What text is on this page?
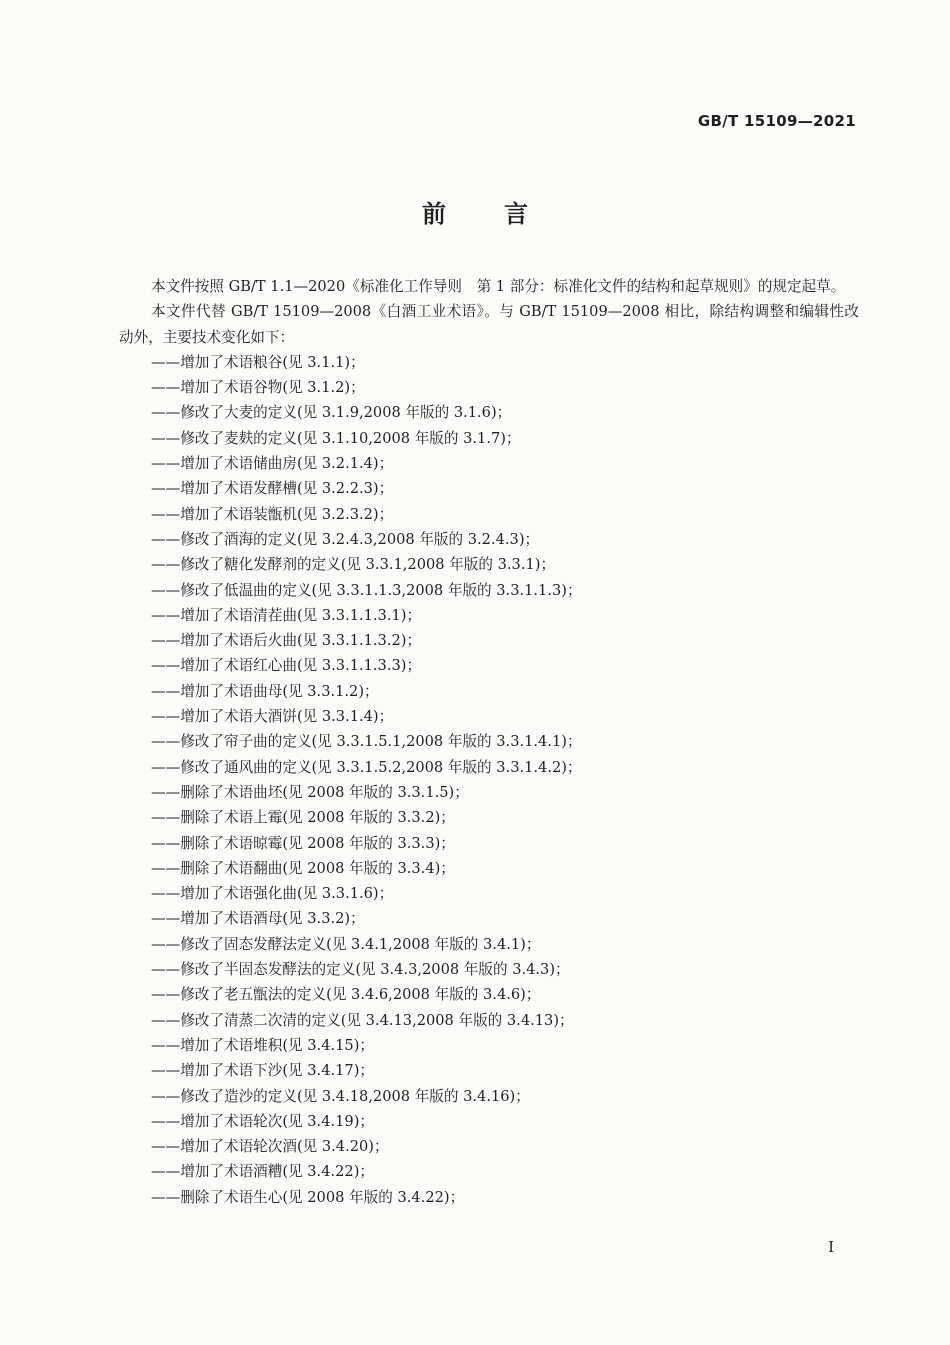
GB/T 15109—2021
前言
本文件按照 GB/T 1.1—2020《标准化工作导则　第 1 部分：标准化文件的结构和起草规则》的规定起草。
本文件代替 GB/T 15109—2008《白酒工业术语》。与 GB/T 15109—2008 相比，除结构调整和编辑性改动外，主要技术变化如下：
——增加了术语粮谷(见 3.1.1)；
——增加了术语谷物(见 3.1.2)；
——修改了大麦的定义(见 3.1.9,2008 年版的 3.1.6)；
——修改了麦麸的定义(见 3.1.10,2008 年版的 3.1.7)；
——增加了术语储曲房(见 3.2.1.4)；
——增加了术语发酵槽(见 3.2.2.3)；
——增加了术语装甑机(见 3.2.3.2)；
——修改了酒海的定义(见 3.2.4.3,2008 年版的 3.2.4.3)；
——修改了糖化发酵剂的定义(见 3.3.1,2008 年版的 3.3.1)；
——修改了低温曲的定义(见 3.3.1.1.3,2008 年版的 3.3.1.1.3)；
——增加了术语清茬曲(见 3.3.1.1.3.1)；
——增加了术语后火曲(见 3.3.1.1.3.2)；
——增加了术语红心曲(见 3.3.1.1.3.3)；
——增加了术语曲母(见 3.3.1.2)；
——增加了术语大酒饼(见 3.3.1.4)；
——修改了帘子曲的定义(见 3.3.1.5.1,2008 年版的 3.3.1.4.1)；
——修改了通风曲的定义(见 3.3.1.5.2,2008 年版的 3.3.1.4.2)；
——删除了术语曲坯(见 2008 年版的 3.3.1.5)；
——删除了术语上霉(见 2008 年版的 3.3.2)；
——删除了术语晾霉(见 2008 年版的 3.3.3)；
——删除了术语翻曲(见 2008 年版的 3.3.4)；
——增加了术语强化曲(见 3.3.1.6)；
——增加了术语酒母(见 3.3.2)；
——修改了固态发酵法定义(见 3.4.1,2008 年版的 3.4.1)；
——修改了半固态发酵法的定义(见 3.4.3,2008 年版的 3.4.3)；
——修改了老五甑法的定义(见 3.4.6,2008 年版的 3.4.6)；
——修改了清蒸二次清的定义(见 3.4.13,2008 年版的 3.4.13)；
——增加了术语堆积(见 3.4.15)；
——增加了术语下沙(见 3.4.17)；
——修改了造沙的定义(见 3.4.18,2008 年版的 3.4.16)；
——增加了术语轮次(见 3.4.19)；
——增加了术语轮次酒(见 3.4.20)；
——增加了术语酒糟(见 3.4.22)；
——删除了术语生心(见 2008 年版的 3.4.22)；
I
